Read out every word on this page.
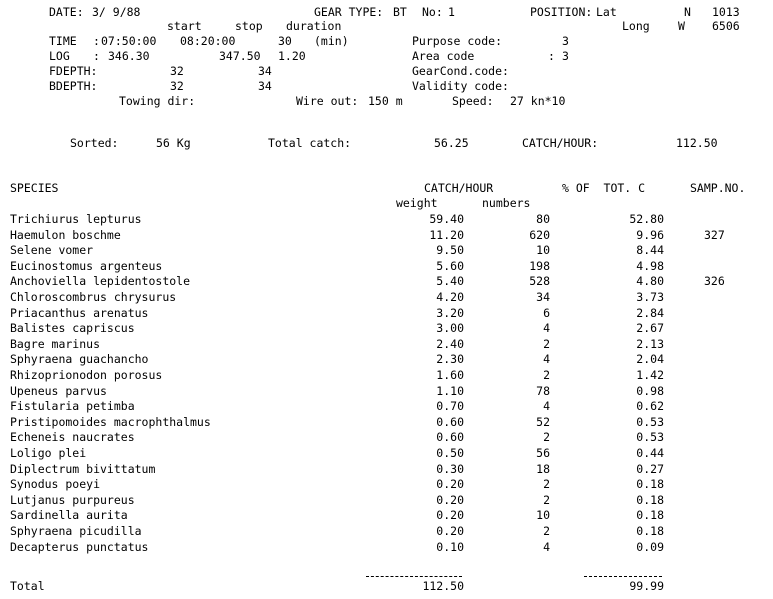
DATE: 3/ 9/88	GEAR TYPE: BT No: 1	POSITION: Lat	N 1013
start	stop duration	Long W 6506
TIME : 07:50:00 08:20:00	30 (min)	Purpose code:	3
LOG : 346.30	347.50 1.20	Area code	: 3
FDEPTH:	32	34	GearCond.code:
BDEPTH:	32	34	Validity code:
Towing dir:	Wire out: 150 m	Speed: 27 kn*10
Sorted:	56 Kg	Total catch:	56.25	CATCH/HOUR:	112.50
SPECIES	CATCH/HOUR	% OF  TOT. C	SAMP.NO.
weight	numbers
Trichiurus lepturus	59.40	80	52.80
Haemulon boschme	11.20	620	9.96	327
Selene vomer	9.50	10	8.44
Eucinostomus argenteus	5.60	198	4.98
Anchoviella lepidentostole	5.40	528	4.80	326
Chloroscombrus chrysurus	4.20	34	3.73
Priacanthus arenatus	3.20	6	2.84
Balistes capriscus	3.00	4	2.67
Bagre marinus	2.40	2	2.13
Sphyraena guachancho	2.30	4	2.04
Rhizoprionodon porosus	1.60	2	1.42
Upeneus parvus	1.10	78	0.98
Fistularia petimba	0.70	4	0.62
Pristipomoides macrophthalmus	0.60	52	0.53
Echeneis naucrates	0.60	2	0.53
Loligo plei	0.50	56	0.44
Diplectrum bivittatum	0.30	18	0.27
Synodus poeyi	0.20	2	0.18
Lutjanus purpureus	0.20	2	0.18
Sardinella aurita	0.20	10	0.18
Sphyraena picudilla	0.20	2	0.18
Decapterus punctatus	0.10	4	0.09
Total	112.50	99.99
